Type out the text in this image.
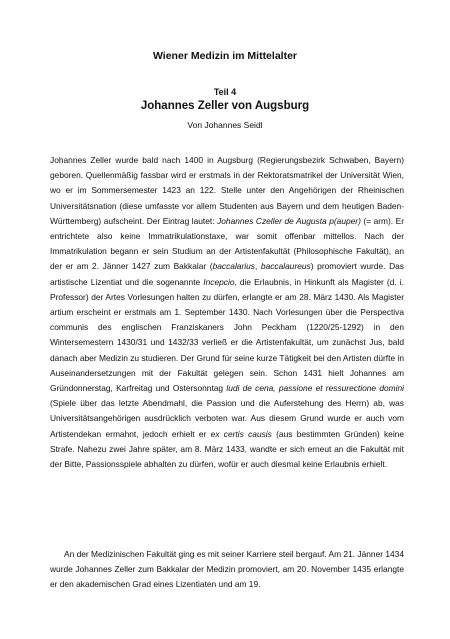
Wiener Medizin im Mittelalter
Teil 4
Johannes Zeller von Augsburg
Von Johannes Seidl

Johannes Zeller wurde bald nach 1400 in Augsburg (Regierungsbezirk Schwaben, Bayern) geboren. Quellenmäßig fassbar wird er erstmals in der Rektoratsmatrikel der Universität Wien, wo er im Sommersemester 1423 an 122. Stelle unter den Angehörigen der Rheinischen Universitätsnation (diese umfasste vor allem Studenten aus Bayern und dem heutigen Baden-Württemberg) aufscheint. Der Eintrag lautet: Johannes Czeller de Augusta p(auper) (= arm). Er entrichtete also keine Immatrikulationstaxe, war somit offenbar mittellos. Nach der Immatrikulation begann er sein Studium an der Artistenfakultät (Philosophische Fakultät), an der er am 2. Jänner 1427 zum Bakkalar (baccalarius, baccalaureus) promoviert wurde. Das artistische Lizentiat und die sogenannte Incepcio, die Erlaubnis, in Hinkunft als Magister (d. i. Professor) der Artes Vorlesungen halten zu dürfen, erlangte er am 28. März 1430. Als Magister artium erscheint er erstmals am 1. September 1430. Nach Vorlesungen über die Perspectiva communis des englischen Franziskaners John Peckham (1220/25-1292) in den Wintersemestern 1430/31 und 1432/33 verließ er die Artistenfakultät, um zunächst Jus, bald danach aber Medizin zu studieren. Der Grund für seine kurze Tätigkeit bei den Artisten dürfte in Auseinandersetzungen mit der Fakultät gelegen sein. Schon 1431 hielt Johannes am Gründonnerstag, Karfreitag und Ostersonntag ludi de cena, passione et ressurectione domini (Spiele über das letzte Abendmahl, die Passion und die Auferstehung des Herrn) ab, was Universitätsangehörigen ausdrücklich verboten war. Aus diesem Grund wurde er auch vom Artistendekan ermahnt, jedoch erhielt er ex certis causis (aus bestimmten Gründen) keine Strafe. Nahezu zwei Jahre später, am 8. März 1433, wandte er sich erneut an die Fakultät mit der Bitte, Passionsspiele abhalten zu dürfen, wofür er auch diesmal keine Erlaubnis erhielt.

An der Medizinischen Fakultät ging es mit seiner Karriere steil bergauf. Am 21. Jänner 1434 wurde Johannes Zeller zum Bakkalar der Medizin promoviert, am 20. November 1435 erlangte er den akademischen Grad eines Lizentiaten und am 19.
